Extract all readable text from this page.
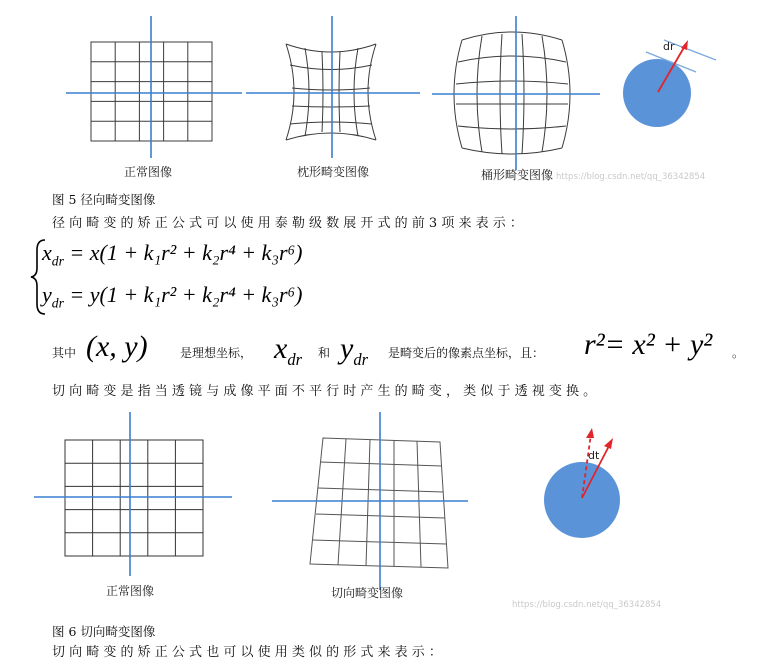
dr
正常图像	枕形畸变图像	桶形畸变图像 https://blog.csdn.net/qq_36342854
图 5 径向畸变图像
径 向 畸 变 的 矫 正 公 式 可 以 使 用 泰 勒 级 数 展 开 式 的 前 3 项 来 表 示 ：
$x_{dr} = x(1 + k_1r^2 + k_2r^4 + k_3r^6)$
$y_{dr} = y(1 + k_1r^2 + k_2r^4 + k_3r^6)$
其中 (x, y)	是理想坐标， $x_{dr}$ 和 $y_{dr}$ 是畸变后的像素点坐标，且： r²= x² + y² 。
切 向 畸 变 是 指 当 透 镜 与 成 像 平 面 不 平 行 时 产 生 的 畸 变 ， 类 似 于 透 视 变 换 。
dt
正常图像	切向畸变图像
https://blog.csdn.net/qq_36342854
图 6 切向畸变图像
切 向 畸 变 的 矫 正 公 式 也 可 以 使 用 类 似 的 形 式 来 表 示 ：
